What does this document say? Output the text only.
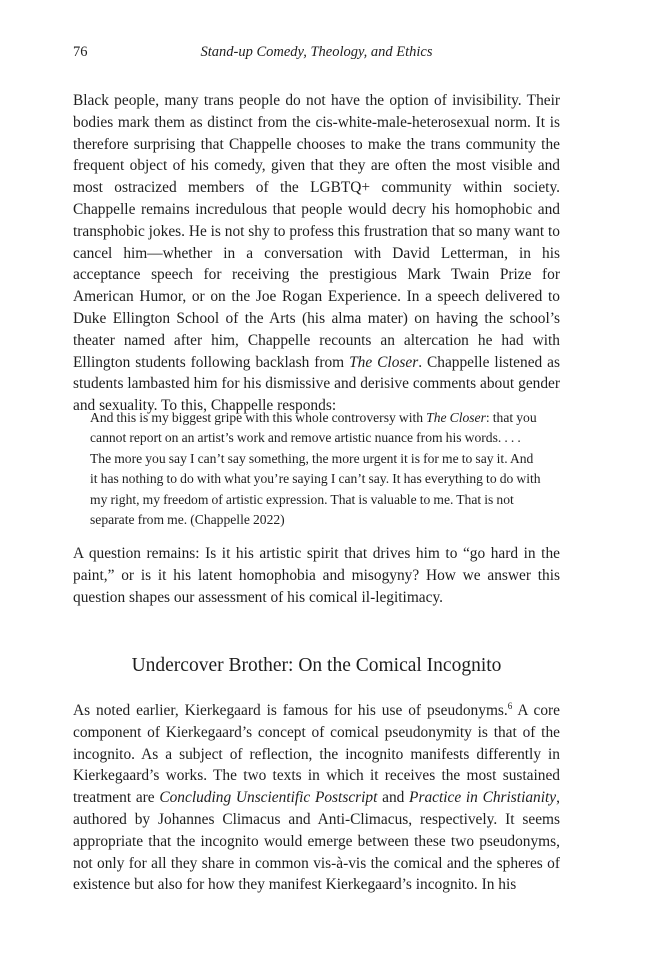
76	Stand-up Comedy, Theology, and Ethics

Black people, many trans people do not have the option of invisibility. Their bodies mark them as distinct from the cis-white-male-heterosexual norm. It is therefore surprising that Chappelle chooses to make the trans community the frequent object of his comedy, given that they are often the most visible and most ostracized members of the LGBTQ+ community within society. Chappelle remains incredulous that people would decry his homophobic and transphobic jokes. He is not shy to profess this frustration that so many want to cancel him—whether in a conversation with David Letterman, in his acceptance speech for receiving the prestigious Mark Twain Prize for American Humor, or on the Joe Rogan Experience. In a speech delivered to Duke Ellington School of the Arts (his alma mater) on having the school’s theater named after him, Chappelle recounts an altercation he had with Ellington students following backlash from The Closer. Chappelle listened as students lambasted him for his dismissive and derisive comments about gender and sexuality. To this, Chappelle responds:

And this is my biggest gripe with this whole controversy with The Closer: that you cannot report on an artist’s work and remove artistic nuance from his words. . . . The more you say I can’t say something, the more urgent it is for me to say it. And it has nothing to do with what you’re saying I can’t say. It has everything to do with my right, my freedom of artistic expression. That is valuable to me. That is not separate from me. (Chappelle 2022)

A question remains: Is it his artistic spirit that drives him to “go hard in the paint,” or is it his latent homophobia and misogyny? How we answer this question shapes our assessment of his comical il-legitimacy.

Undercover Brother: On the Comical Incognito

As noted earlier, Kierkegaard is famous for his use of pseudonyms.$^6$ A core component of Kierkegaard’s concept of comical pseudonymity is that of the incognito. As a subject of reflection, the incognito manifests differently in Kierkegaard’s works. The two texts in which it receives the most sustained treatment are Concluding Unscientific Postscript and Practice in Christianity, authored by Johannes Climacus and Anti-Climacus, respectively. It seems appropriate that the incognito would emerge between these two pseudonyms, not only for all they share in common vis-à-vis the comical and the spheres of existence but also for how they manifest Kierkegaard’s incognito. In his
